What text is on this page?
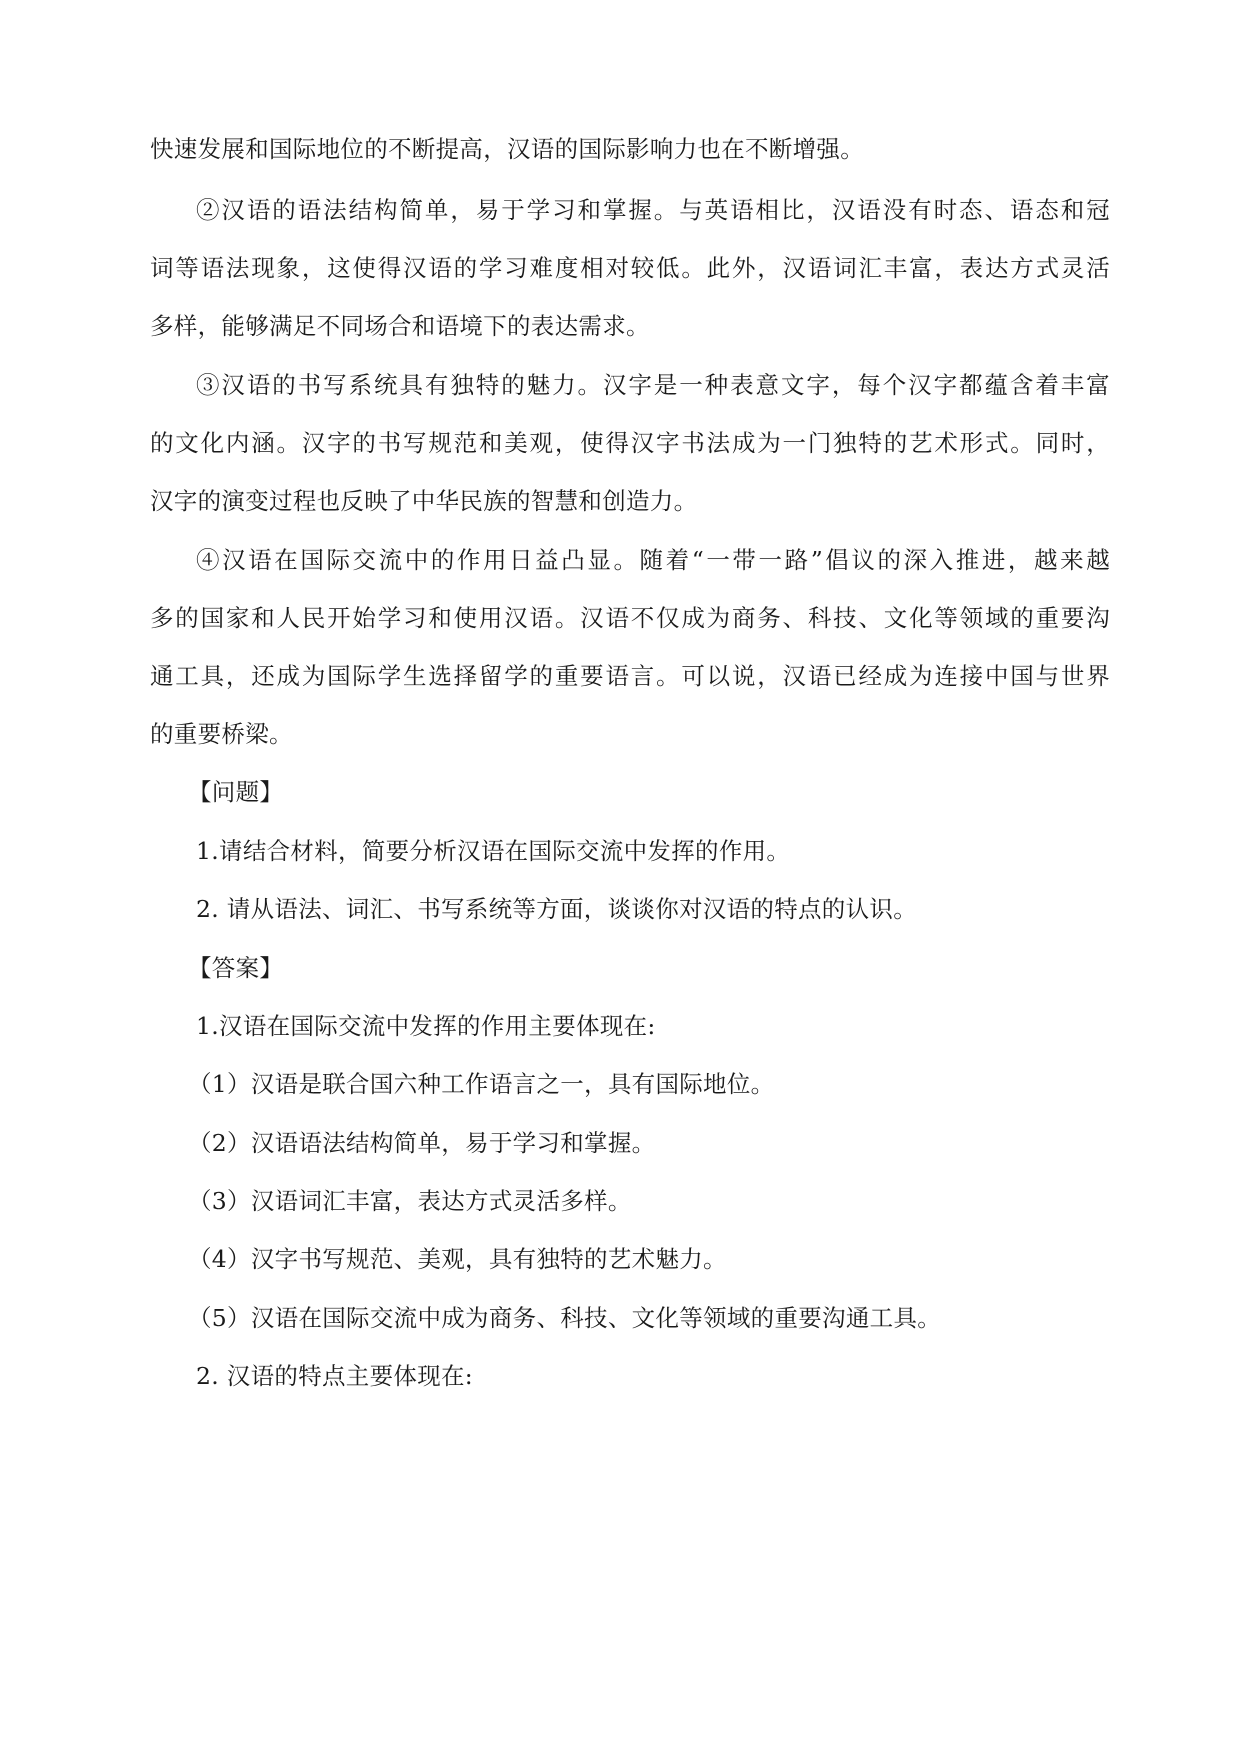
快速发展和国际地位的不断提高，汉语的国际影响力也在不断增强。
②汉语的语法结构简单，易于学习和掌握。与英语相比，汉语没有时态、语态和冠
词等语法现象，这使得汉语的学习难度相对较低。此外，汉语词汇丰富，表达方式灵活
多样，能够满足不同场合和语境下的表达需求。
③汉语的书写系统具有独特的魅力。汉字是一种表意文字，每个汉字都蕴含着丰富
的文化内涵。汉字的书写规范和美观，使得汉字书法成为一门独特的艺术形式。同时，
汉字的演变过程也反映了中华民族的智慧和创造力。
④汉语在国际交流中的作用日益凸显。随着“一带一路”倡议的深入推进，越来越
多的国家和人民开始学习和使用汉语。汉语不仅成为商务、科技、文化等领域的重要沟
通工具，还成为国际学生选择留学的重要语言。可以说，汉语已经成为连接中国与世界
的重要桥梁。
【问题】
1.请结合材料，简要分析汉语在国际交流中发挥的作用。
2. 请从语法、词汇、书写系统等方面，谈谈你对汉语的特点的认识。
【答案】
1.汉语在国际交流中发挥的作用主要体现在:
（1）汉语是联合国六种工作语言之一，具有国际地位。
（2）汉语语法结构简单，易于学习和掌握。
（3）汉语词汇丰富，表达方式灵活多样。
（4）汉字书写规范、美观，具有独特的艺术魅力。
（5）汉语在国际交流中成为商务、科技、文化等领域的重要沟通工具。
2. 汉语的特点主要体现在:
